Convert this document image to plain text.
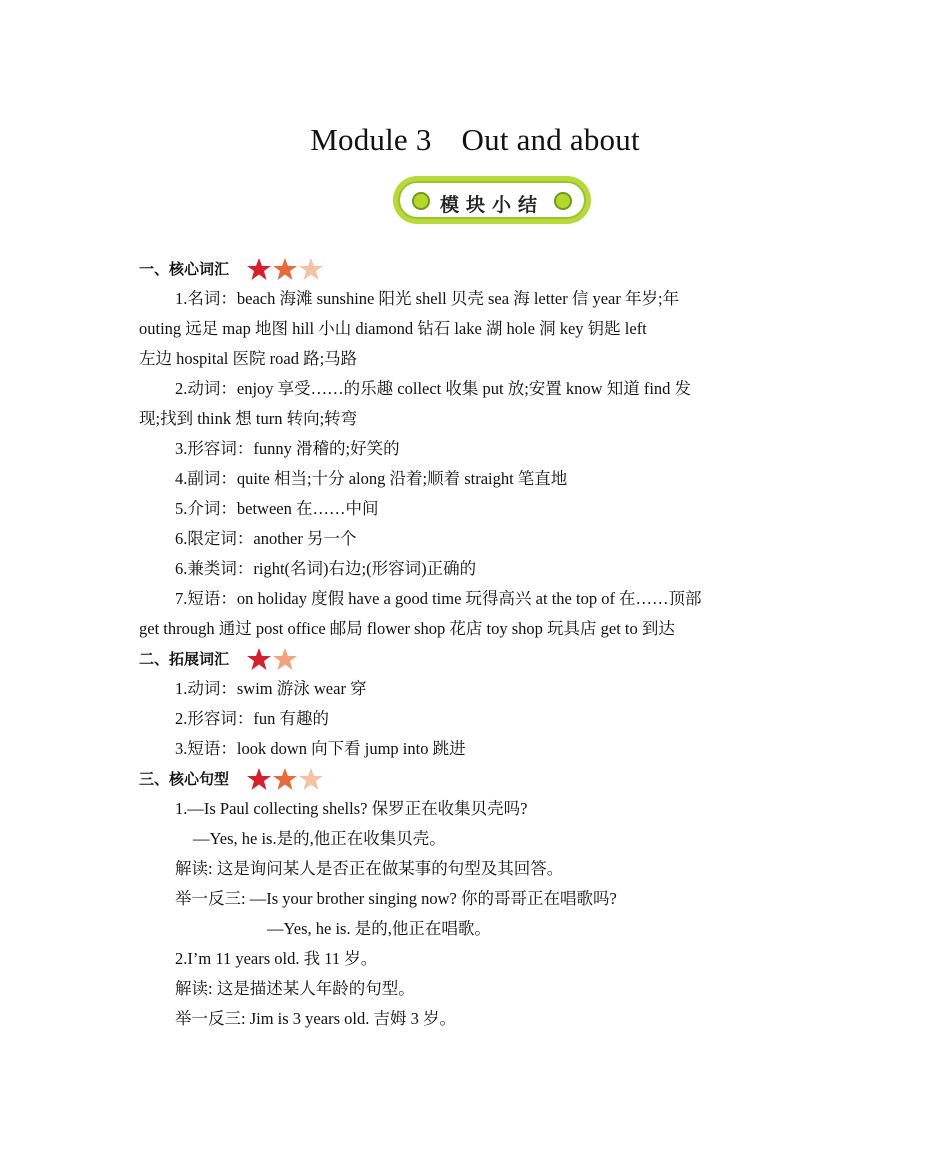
Module 3 Out and about
模块小结
一、核心词汇
1.名词：beach 海滩 sunshine 阳光 shell 贝壳 sea 海 letter 信 year 年岁;年
outing 远足 map 地图 hill 小山 diamond 钻石 lake 湖 hole 洞 key 钥匙 left
左边 hospital 医院 road 路;马路
2.动词：enjoy 享受……的乐趣 collect 收集 put 放;安置 know 知道 find 发
现;找到 think 想 turn 转向;转弯
3.形容词：funny 滑稽的;好笑的
4.副词：quite 相当;十分 along 沿着;顺着 straight 笔直地
5.介词：between 在……中间
6.限定词：another 另一个
6.兼类词：right(名词)右边;(形容词)正确的
7.短语：on holiday 度假 have a good time 玩得高兴 at the top of 在……顶部
get through 通过 post office 邮局 flower shop 花店 toy shop 玩具店 get to 到达
二、拓展词汇
1.动词：swim 游泳 wear 穿
2.形容词：fun 有趣的
3.短语：look down 向下看 jump into 跳进
三、核心句型
1.—Is Paul collecting shells? 保罗正在收集贝壳吗?
—Yes, he is.是的,他正在收集贝壳。
解读: 这是询问某人是否正在做某事的句型及其回答。
举一反三: —Is your brother singing now? 你的哥哥正在唱歌吗?
—Yes, he is. 是的,他正在唱歌。
2.I’m 11 years old. 我 11 岁。
解读: 这是描述某人年龄的句型。
举一反三: Jim is 3 years old. 吉姆 3 岁。
